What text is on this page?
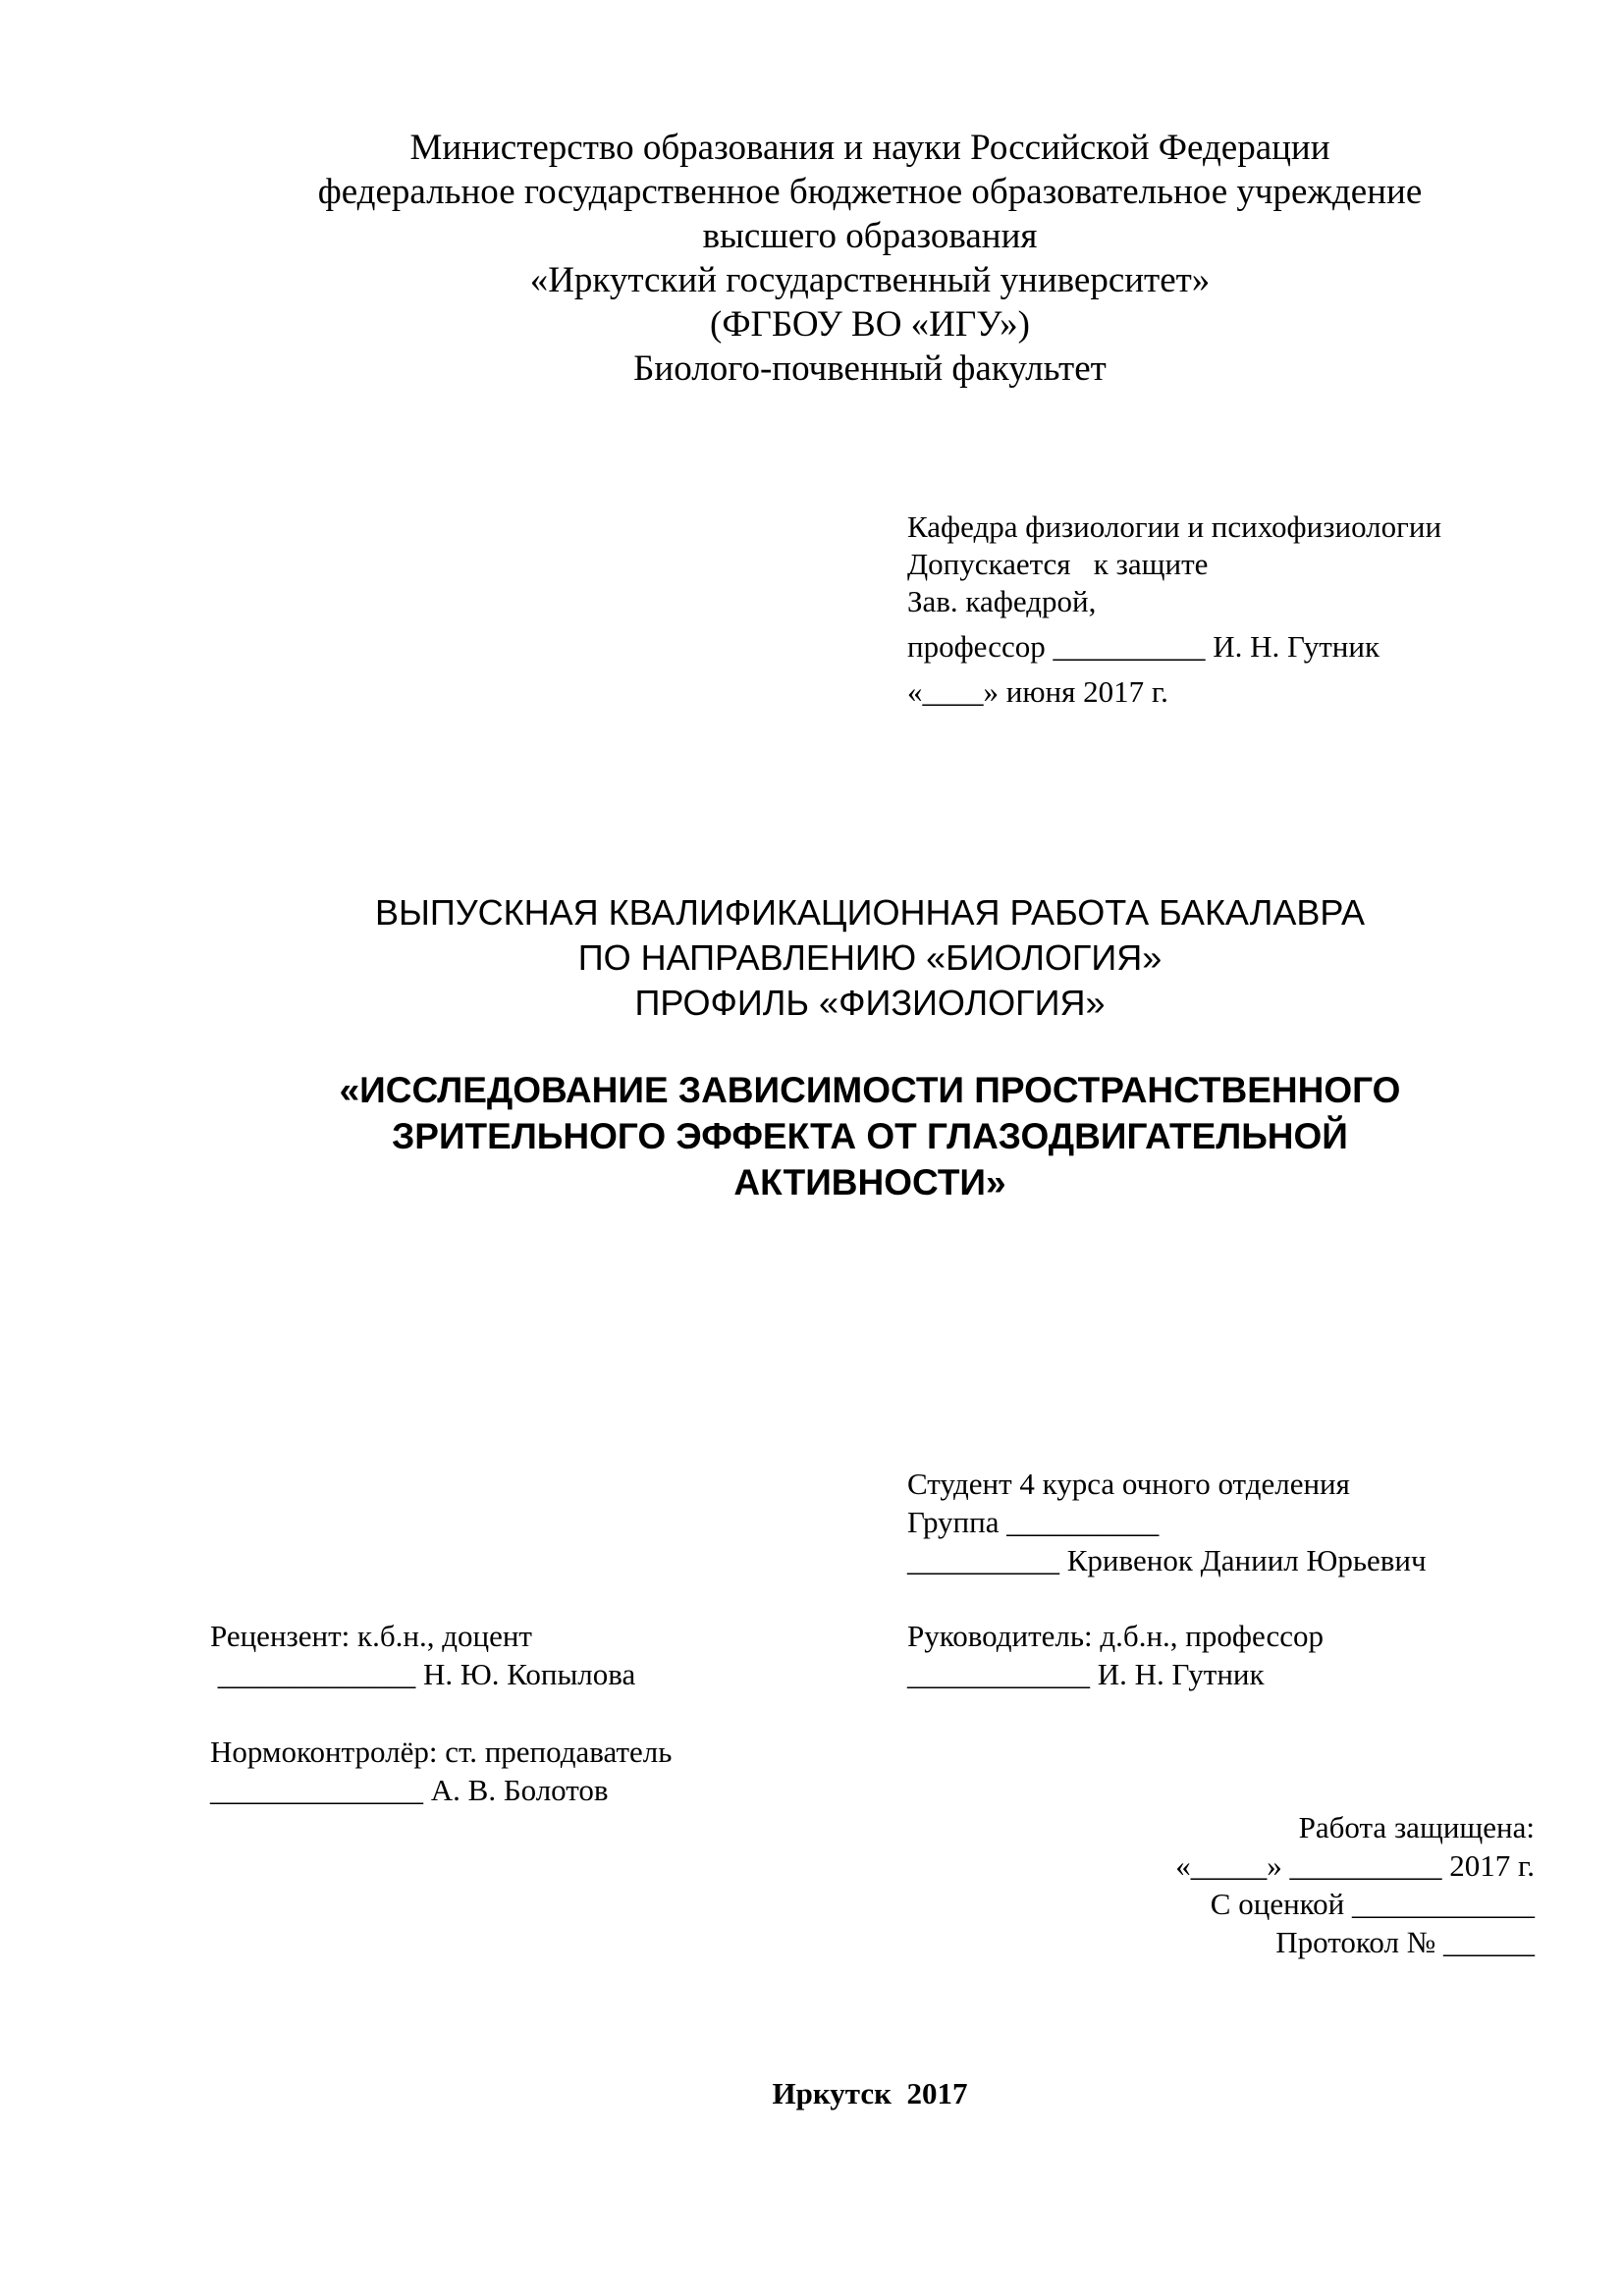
Министерство образования и науки Российской Федерации
федеральное государственное бюджетное образовательное учреждение
высшего образования
«Иркутский государственный университет»
(ФГБОУ ВО «ИГУ»)
Биолого-почвенный факультет
Кафедра физиологии и психофизиологии
Допускается   к защите
Зав. кафедрой,
профессор __________ И. Н. Гутник
«____» июня 2017 г.
ВЫПУСКНАЯ КВАЛИФИКАЦИОННАЯ РАБОТА БАКАЛАВРА
ПО НАПРАВЛЕНИЮ «БИОЛОГИЯ»
ПРОФИЛЬ «ФИЗИОЛОГИЯ»
«ИССЛЕДОВАНИЕ ЗАВИСИМОСТИ ПРОСТРАНСТВЕННОГО
ЗРИТЕЛЬНОГО ЭФФЕКТА ОТ ГЛАЗОДВИГАТЕЛЬНОЙ
АКТИВНОСТИ»
Студент 4 курса очного отделения
Группа __________
__________ Кривенок Даниил Юрьевич
Рецензент: к.б.н., доцент
_____________ Н. Ю. Копылова
Руководитель: д.б.н., профессор
____________ И. Н. Гутник
Нормоконтролёр: ст. преподаватель
______________ А. В. Болотов
Работа защищена:
«_____» __________ 2017 г.
С оценкой ____________
Протокол № ______
Иркутск  2017
